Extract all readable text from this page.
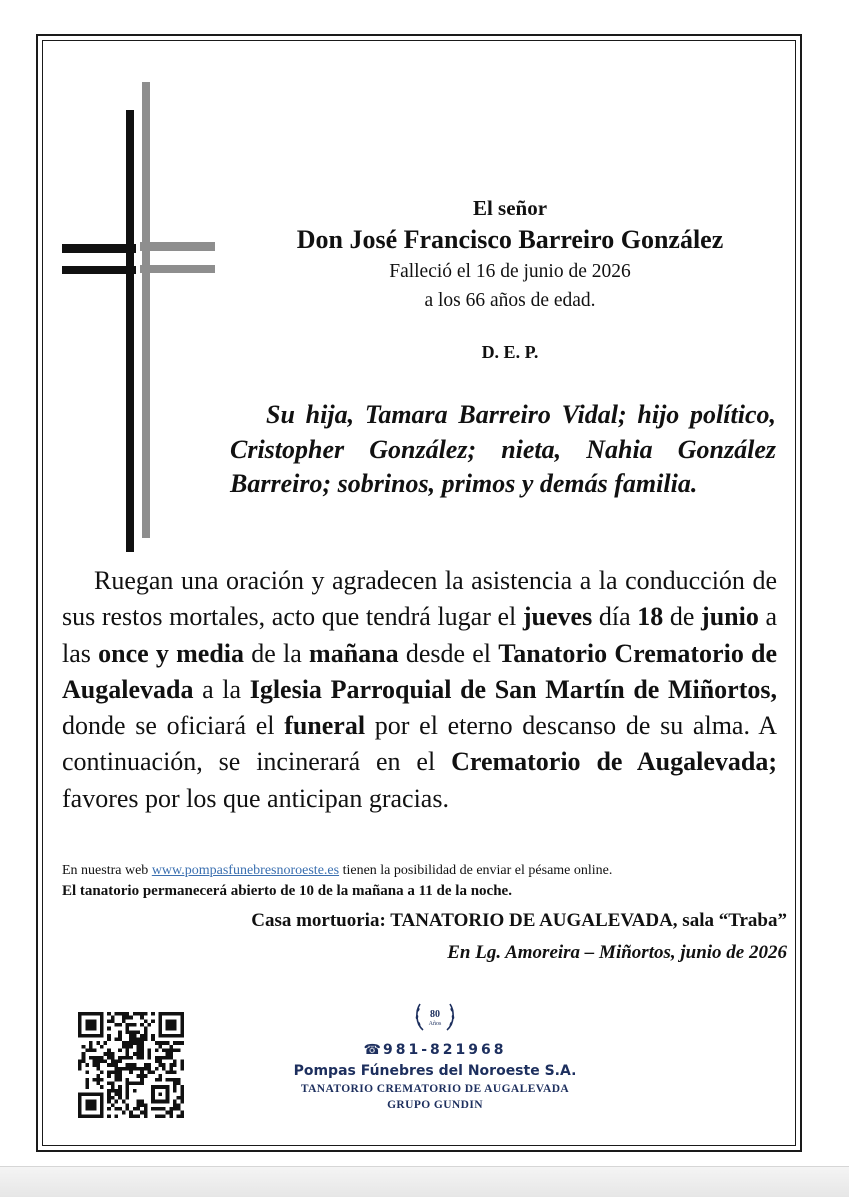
El señor

Don José Francisco Barreiro González

Falleció el 16 de junio de 2026

a los 66 años de edad.

D. E. P.

Su hija, Tamara Barreiro Vidal; hijo político, Cristopher González; nieta, Nahia González Barreiro; sobrinos, primos y demás familia.

Ruegan una oración y agradecen la asistencia a la conducción de sus restos mortales, acto que tendrá lugar el jueves día 18 de junio a las once y media de la mañana desde el Tanatorio Crematorio de Augalevada a la Iglesia Parroquial de San Martín de Miñortos, donde se oficiará el funeral por el eterno descanso de su alma. A continuación, se incinerará en el Crematorio de Augalevada; favores por los que anticipan gracias.

En nuestra web www.pompasfunebresnoroeste.es tienen la posibilidad de enviar el pésame online.

El tanatorio permanecerá abierto de 10 de la mañana a 11 de la noche.

Casa mortuoria: TANATORIO DE AUGALEVADA, sala “Traba”

En Lg. Amoreira – Miñortos, junio de 2026

80
Años

☎ 981-821968

Pompas Fúnebres del Noroeste S.A.

TANATORIO CREMATORIO DE AUGALEVADA

GRUPO GUNDIN
